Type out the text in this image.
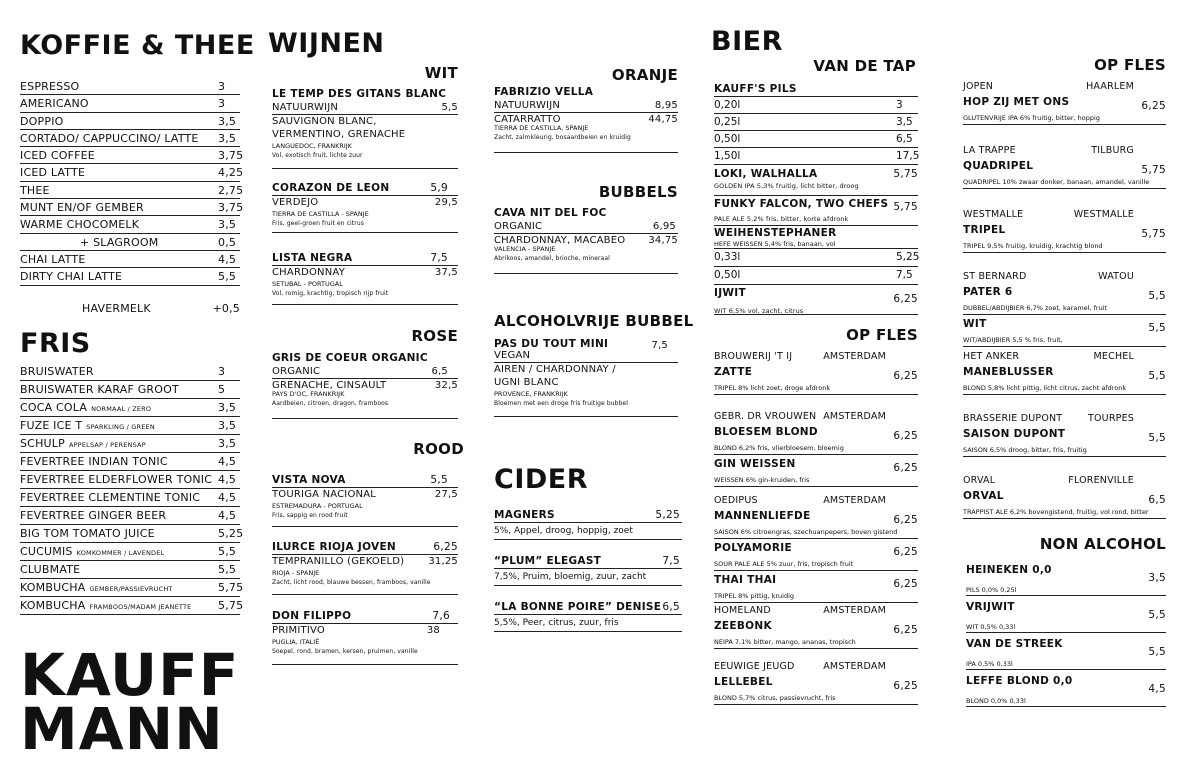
KOFFIE & THEE
ESPRESSO	3
AMERICANO	3
DOPPIO	3,5
CORTADO/ CAPPUCCINO/ LATTE 3,5
ICED COFFEE	3,75
ICED LATTE	4,25
THEE	2,75
MUNT EN/OF GEMBER	3,75
WARME CHOCOMELK	3,5
+ SLAGROOM	0,5
CHAI LATTE	4,5
DIRTY CHAI LATTE	5,5
HAVERMELK	+0,5
FRIS
BRUISWATER	3
BRUISWATER KARAF GROOT	5
COCA COLA NORMAAL / ZERO	3,5
FUZE ICE T SPARKLING / GREEN	3,5
SCHULP APPELSAP / PERENSAP	3,5
FEVERTREE INDIAN TONIC	4,5
FEVERTREE ELDERFLOWER TONIC 4,5
FEVERTREE CLEMENTINE TONIC 4,5
FEVERTREE GINGER BEER	4,5
BIG TOM TOMATO JUICE	5,25
CUCUMIS KOMKOMMER / LAVENDEL	5,5
CLUBMATE	5,5
KOMBUCHA GEMBER/PASSIEVRUCHT	5,75
KOMBUCHA FRAMBOOS/MADAM JEANETTE 5,75
KAUFF
MANN
WIJNEN
WIT
LE TEMP DES GITANS BLANC
NATUURWIJN	5,5
SAUVIGNON BLANC,
VERMENTINO, GRENACHE
LANGUEDOC, FRANKRIJK
Vol, exotisch fruit, lichte zuur
CORAZON DE LEON	5,9
VERDEJO	29,5
TIERRA DE CASTILLA - SPANJE
Fris, geel-groen fruit en citrus
LISTA NEGRA	7,5
CHARDONNAY	37,5
SETUBAL - PORTUGAL
Vol, romig, krachtig, tropisch rijp fruit
ROSE
GRIS DE COEUR ORGANIC
ORGANIC	6,5
GRENACHE, CINSAULT	32,5
PAYS D'OC, FRANKRIJK
Aardbeien, citroen, dragon, framboos
ROOD
VISTA NOVA	5,5
TOURIGA NACIONAL	27,5
ESTREMADURA - PORTUGAL
Fris, sappig en rood fruit
ILURCE RIOJA JOVEN	6,25
TEMPRANILLO (GEKOELD) 31,25
RIOJA - SPANJE
Zacht, licht rood, blauwe bessen, framboos, vanille
DON FILIPPO	7,6
PRIMITIVO	38
PUGLIA, ITALIË
Soepel, rond, bramen, kersen, pruimen, vanille
ORANJE
FABRIZIO VELLA
NATUURWIJN	8,95
CATARRATTO	44,75
TIERRA DE CASTILLA, SPANJE
Zacht, zalmkleurig, bosaardbeien en kruidig
BUBBELS
CAVA NIT DEL FOC
ORGANIC	6,95
CHARDONNAY, MACABEO 34,75
VALENCIA - SPANJE
Abrikoos, amandel, brioche, mineraal
ALCOHOLVRIJE BUBBEL
PAS DU TOUT MINI
VEGAN
7,5
AIREN / CHARDONNAY /
UGNI BLANC
PROVENCE, FRANKRIJK
Bloemen met een droge fris fruitige bubbel
CIDER
MAGNERS	5,25
5%, Appel, droog, hoppig, zoet
“PLUM” ELEGAST	7,5
7,5%, Pruim, bloemig, zuur, zacht
“LA BONNE POIRE” DENISE 6,5
5,5%, Peer, citrus, zuur, fris
BIER
VAN DE TAP
KAUFF'S PILS
0,20l	3
0,25l	3,5
0,50l	6,5
1,50l	17,5
LOKI, WALHALLA	5,75
GOLDEN IPA 5,3% fruitig, licht bitter, droog
FUNKY FALCON, TWO CHEFS 5,75
PALE ALE 5,2% fris, bitter, korte afdronk
WEIHENSTEPHANER
HEFE WEISSEN 5,4% fris, banaan, vol
0,33l	5,25
0,50l	7,5
IJWIT	6,25
WIT 6,5% vol, zacht, citrus
OP FLES
BROUWERIJ 'T IJ	AMSTERDAM
ZATTE	6,25
TRIPEL 8% licht zoet, droge afdronk
GEBR. DR VROUWEN AMSTERDAM
BLOESEM BLOND	6,25
BLOND 6,2% fris, vlierbloesem, bloemig
GIN WEISSEN	6,25
WEISSEN 6% gin-kruiden, fris
OEDIPUS	AMSTERDAM
MANNENLIEFDE	6,25
SAISON 6% citroengras, szechuanpepers, boven gistend
POLYAMORIE	6,25
SOUR PALE ALE 5% zuur, fris, tropisch fruit
THAI THAI	6,25
TRIPEL 8% pittig, kruidig
HOMELAND	AMSTERDAM
ZEEBONK	6,25
NEIPA 7,1% bitter, mango, ananas, tropisch
EEUWIGE JEUGD	AMSTERDAM
LELLEBEL	6,25
BLOND 5,7% citrus, passievrucht, fris
OP FLES
JOPEN	HAARLEM
HOP ZIJ MET ONS	6,25
GLUTENVRIJE IPA 6% fruitig, bitter, hoppig
LA TRAPPE	TILBURG
QUADRIPEL	5,75
QUADRIPEL 10% zwaar donker, banaan, amandel, vanille
WESTMALLE	WESTMALLE
TRIPEL	5,75
TRIPEL 9,5% fruitig, kruidig, krachtig blond
ST BERNARD	WATOU
PATER 6	5,5
DUBBEL/ABDIJBIER 6,7% zoet, karamel, fruit
WIT	5,5
WIT/ABDIJBIER 5,5 % fris, fruit,
HET ANKER	MECHEL
MANEBLUSSER	5,5
BLOND 5,8% licht pittig, licht citrus, zacht afdronk
BRASSERIE DUPONT	TOURPES
SAISON DUPONT	5,5
SAISON 6,5% droog, bitter, fris, fruitig
ORVAL	FLORENVILLE
ORVAL	6,5
TRAPPIST ALE 6,2% bovengistend, fruitig, vol rond, bitter
NON ALCOHOL
HEINEKEN 0,0
3,5
PILS 0,0% 0,25l
VRIJWIT
5,5
WIT 0,5% 0,33l
VAN DE STREEK
5,5
IPA 0,5% 0,33l
LEFFE BLOND 0,0
4,5
BLOND 0,0% 0,33l
